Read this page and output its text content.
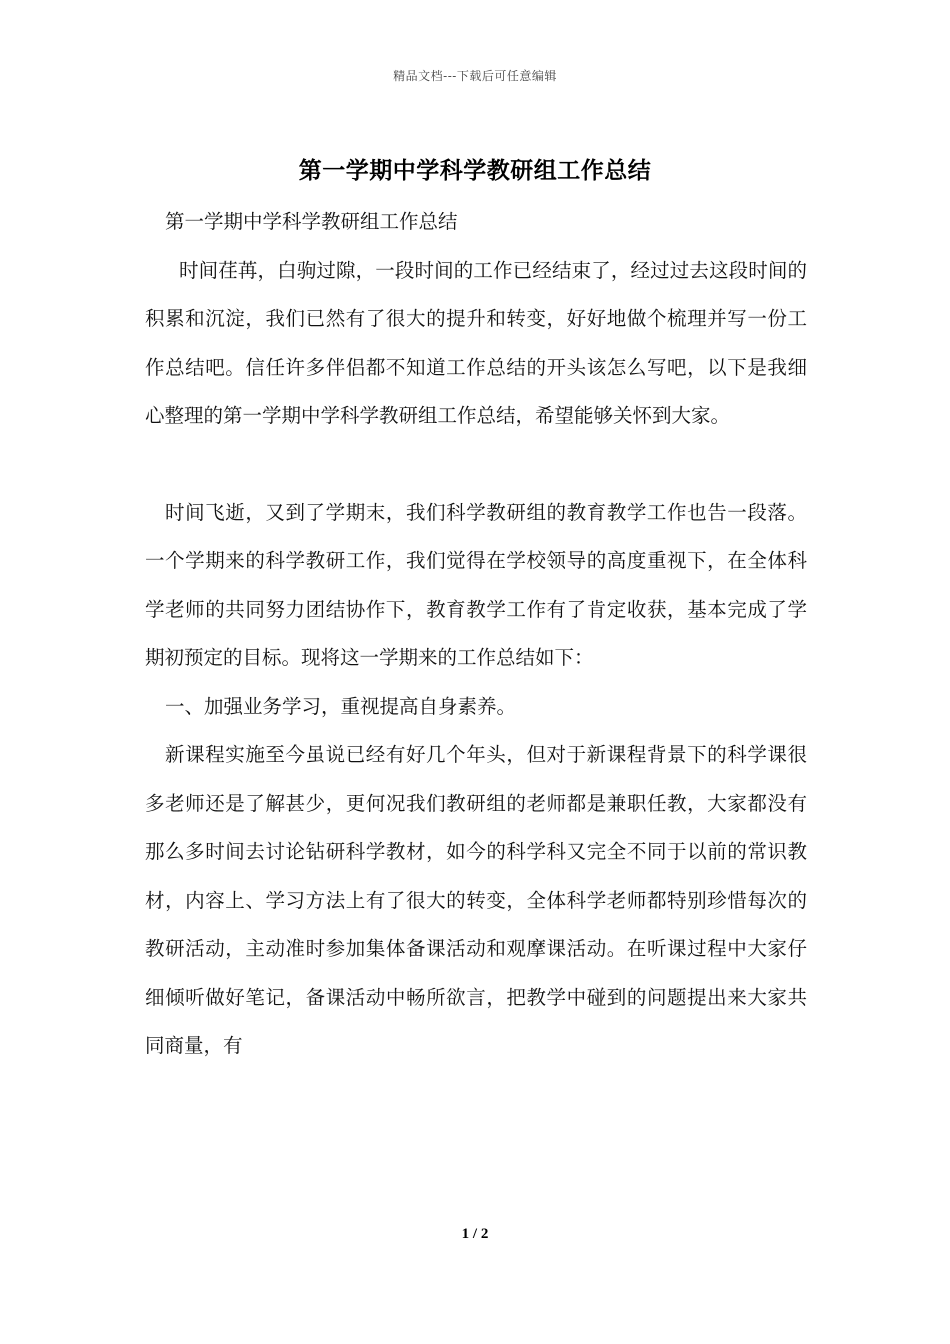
精品文档---下载后可任意编辑
第一学期中学科学教研组工作总结

第一学期中学科学教研组工作总结

时间荏苒，白驹过隙，一段时间的工作已经结束了，经过过去这段时间的积累和沉淀，我们已然有了很大的提升和转变，好好地做个梳理并写一份工作总结吧。信任许多伴侣都不知道工作总结的开头该怎么写吧，以下是我细心整理的第一学期中学科学教研组工作总结，希望能够关怀到大家。

时间飞逝，又到了学期末，我们科学教研组的教育教学工作也告一段落。一个学期来的科学教研工作，我们觉得在学校领导的高度重视下，在全体科学老师的共同努力团结协作下，教育教学工作有了肯定收获，基本完成了学期初预定的目标。现将这一学期来的工作总结如下：

一、加强业务学习，重视提高自身素养。

新课程实施至今虽说已经有好几个年头，但对于新课程背景下的科学课很多老师还是了解甚少，更何况我们教研组的老师都是兼职任教，大家都没有那么多时间去讨论钻研科学教材，如今的科学科又完全不同于以前的常识教材，内容上、学习方法上有了很大的转变，全体科学老师都特别珍惜每次的教研活动，主动准时参加集体备课活动和观摩课活动。在听课过程中大家仔细倾听做好笔记，备课活动中畅所欲言，把教学中碰到的问题提出来大家共同商量，有

1 / 2
